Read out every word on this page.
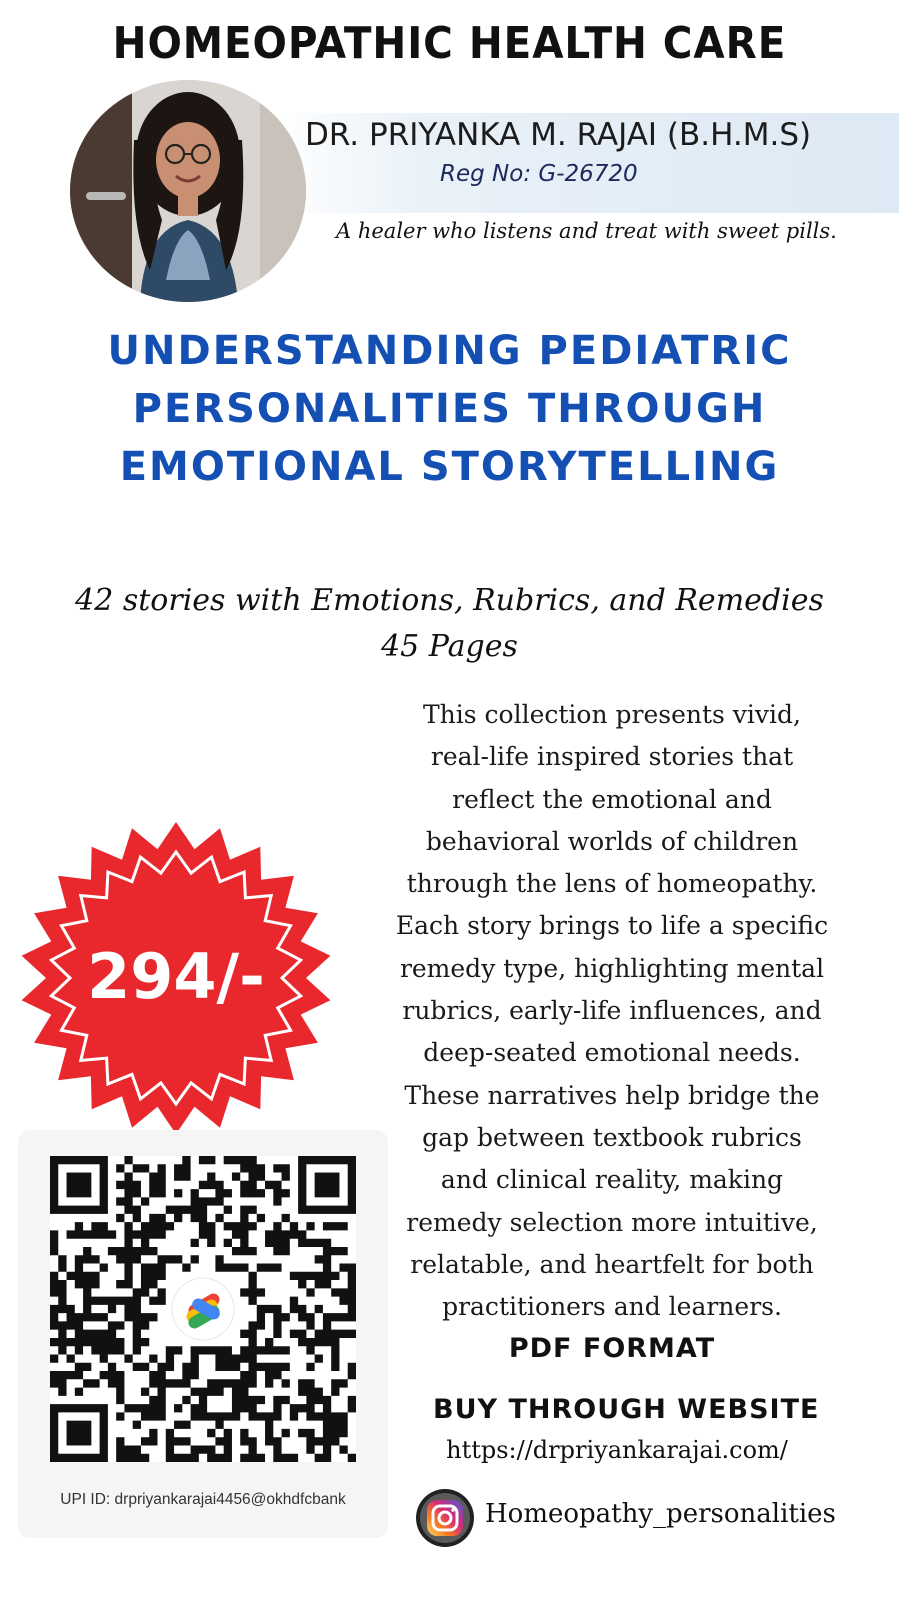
HOMEOPATHIC HEALTH CARE
DR. PRIYANKA M. RAJAI (B.H.M.S)
Reg No: G-26720
A healer who listens and treat with sweet pills.
UNDERSTANDING PEDIATRIC
PERSONALITIES THROUGH
EMOTIONAL STORYTELLING
42 stories with Emotions, Rubrics, and Remedies
45 Pages
This collection presents vivid,
real-life inspired stories that
reflect the emotional and
behavioral worlds of children
through the lens of homeopathy.
Each story brings to life a specific
remedy type, highlighting mental
rubrics, early-life influences, and
deep-seated emotional needs.
These narratives help bridge the
gap between textbook rubrics
and clinical reality, making
remedy selection more intuitive,
relatable, and heartfelt for both
practitioners and learners.
294/-
UPI ID: drpriyankarajai4456@okhdfcbank
PDF FORMAT
BUY THROUGH WEBSITE
https://drpriyankarajai.com/
Homeopathy_personalities
